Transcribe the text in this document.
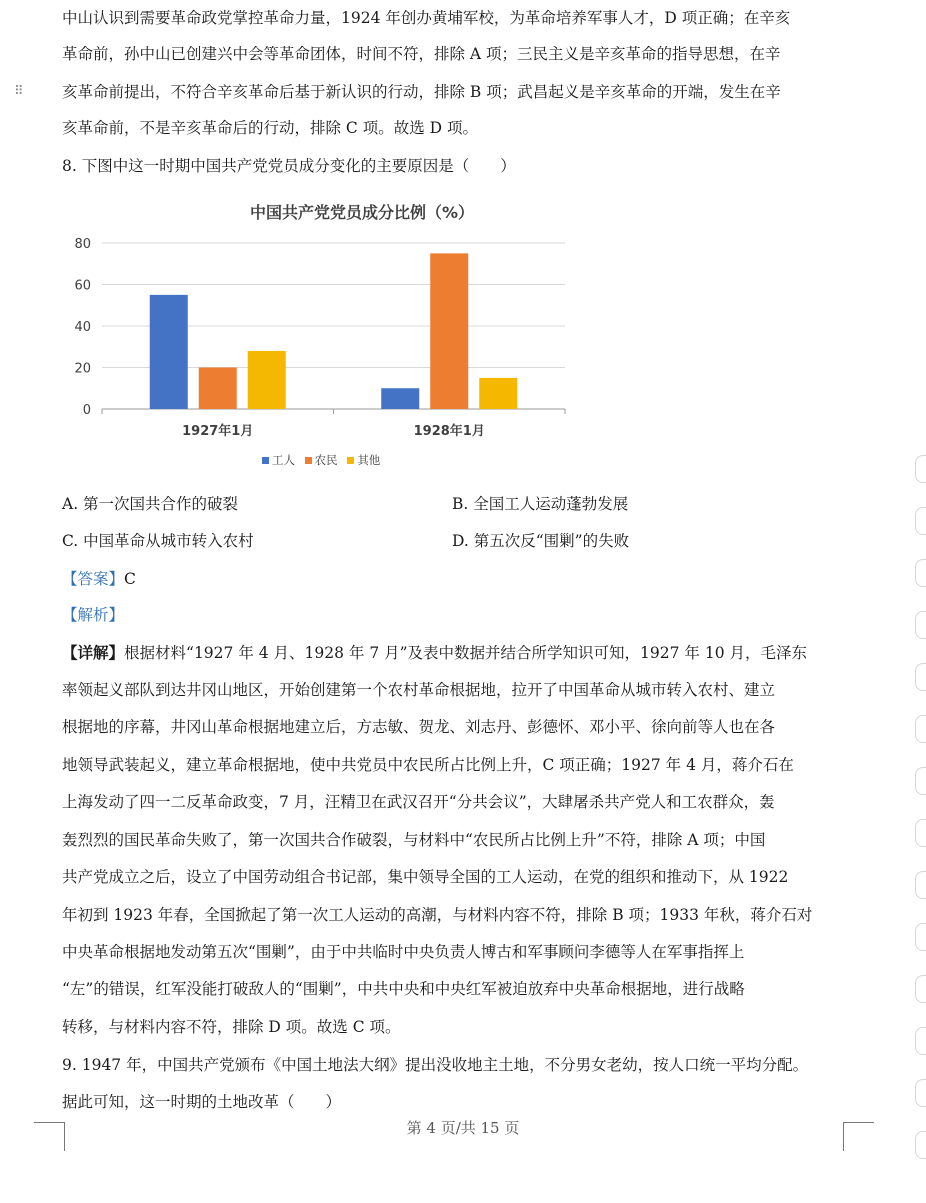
⠿
中山认识到需要革命政党掌控革命力量，1924 年创办黄埔军校，为革命培养军事人才，D 项正确；在辛亥
革命前，孙中山已创建兴中会等革命团体，时间不符，排除 A 项；三民主义是辛亥革命的指导思想，在辛
亥革命前提出，不符合辛亥革命后基于新认识的行动，排除 B 项；武昌起义是辛亥革命的开端，发生在辛
亥革命前，不是辛亥革命后的行动，排除 C 项。故选 D 项。
8. 下图中这一时期中国共产党党员成分变化的主要原因是（　　）
中国共产党党员成分比例（%）
0
20
40
60
80
1927年1月	1928年1月
工人 农民 其他
A. 第一次国共合作的破裂	B. 全国工人运动蓬勃发展
C. 中国革命从城市转入农村	D. 第五次反“围剿”的失败
【答案】C
【解析】
【详解】根据材料“1927 年 4 月、1928 年 7 月”及表中数据并结合所学知识可知，1927 年 10 月，毛泽东
率领起义部队到达井冈山地区，开始创建第一个农村革命根据地，拉开了中国革命从城市转入农村、建立
根据地的序幕，井冈山革命根据地建立后，方志敏、贺龙、刘志丹、彭德怀、邓小平、徐向前等人也在各
地领导武装起义，建立革命根据地，使中共党员中农民所占比例上升，C 项正确；1927 年 4 月，蒋介石在
上海发动了四一二反革命政变，7 月，汪精卫在武汉召开“分共会议”，大肆屠杀共产党人和工农群众，轰
轰烈烈的国民革命失败了，第一次国共合作破裂，与材料中“农民所占比例上升”不符，排除 A 项；中国
共产党成立之后，设立了中国劳动组合书记部，集中领导全国的工人运动，在党的组织和推动下，从 1922
年初到 1923 年春，全国掀起了第一次工人运动的高潮，与材料内容不符，排除 B 项；1933 年秋，蒋介石对
中央革命根据地发动第五次“围剿”，由于中共临时中央负责人博古和军事顾问李德等人在军事指挥上
“左”的错误，红军没能打破敌人的“围剿”，中共中央和中央红军被迫放弃中央革命根据地，进行战略
转移，与材料内容不符，排除 D 项。故选 C 项。
9. 1947 年，中国共产党颁布《中国土地法大纲》提出没收地主土地，不分男女老幼，按人口统一平均分配。
据此可知，这一时期的土地改革（　　）
第 4 页/共 15 页
